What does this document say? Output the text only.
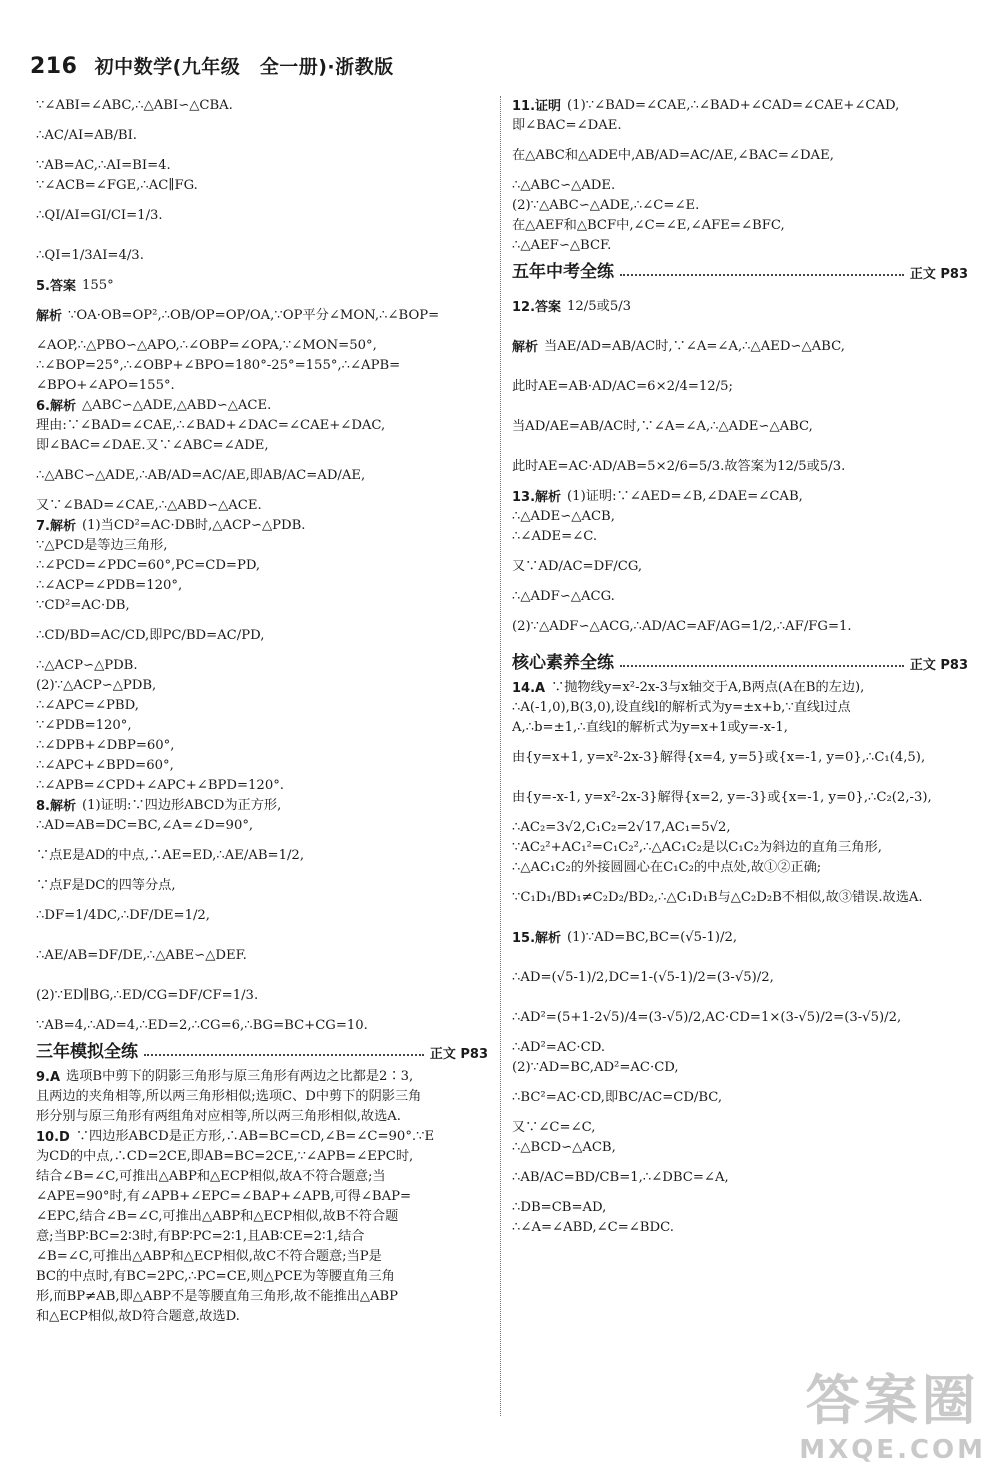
216 初中数学(九年级　全一册)·浙教版
∵∠ABI=∠ABC,∴△ABI∽△CBA.
∴AC/AI=AB/BI.
∵AB=AC,∴AI=BI=4.
∵∠ACB=∠FGE,∴AC∥FG.
∴QI/AI=GI/CI=1/3.
∴QI=1/3AI=4/3.
5.答案 155°
解析 ∵OA·OB=OP²,∴OB/OP=OP/OA,∵OP平分∠MON,∴∠BOP=
∠AOP,∴△PBO∽△APO,∴∠OBP=∠OPA,∵∠MON=50°,
∴∠BOP=25°,∴∠OBP+∠BPO=180°-25°=155°,∴∠APB=
∠BPO+∠APO=155°.
6.解析 △ABC∽△ADE,△ABD∽△ACE.
理由:∵∠BAD=∠CAE,∴∠BAD+∠DAC=∠CAE+∠DAC,
即∠BAC=∠DAE.又∵∠ABC=∠ADE,
∴△ABC∽△ADE,∴AB/AD=AC/AE,即AB/AC=AD/AE,
又∵∠BAD=∠CAE,∴△ABD∽△ACE.
7.解析 (1)当CD²=AC·DB时,△ACP∽△PDB.
∵△PCD是等边三角形,
∴∠PCD=∠PDC=60°,PC=CD=PD,
∴∠ACP=∠PDB=120°,
∵CD²=AC·DB,
∴CD/BD=AC/CD,即PC/BD=AC/PD,
∴△ACP∽△PDB.
(2)∵△ACP∽△PDB,
∴∠APC=∠PBD,
∵∠PDB=120°,
∴∠DPB+∠DBP=60°,
∴∠APC+∠BPD=60°,
∴∠APB=∠CPD+∠APC+∠BPD=120°.
8.解析 (1)证明:∵四边形ABCD为正方形,
∴AD=AB=DC=BC,∠A=∠D=90°,
∵点E是AD的中点,∴AE=ED,∴AE/AB=1/2,
∵点F是DC的四等分点,
∴DF=1/4DC,∴DF/DE=1/2,
∴AE/AB=DF/DE,∴△ABE∽△DEF.
(2)∵ED∥BG,∴ED/CG=DF/CF=1/3.
∵AB=4,∴AD=4,∴ED=2,∴CG=6,∴BG=BC+CG=10.
三年模拟全练	正文 P83
9.A 选项B中剪下的阴影三角形与原三角形有两边之比都是2∶3,
且两边的夹角相等,所以两三角形相似;选项C、D中剪下的阴影三角
形分别与原三角形有两组角对应相等,所以两三角形相似,故选A.
10.D ∵四边形ABCD是正方形,∴AB=BC=CD,∠B=∠C=90°.∵E
为CD的中点,∴CD=2CE,即AB=BC=2CE,∵∠APB=∠EPC时,
结合∠B=∠C,可推出△ABP和△ECP相似,故A不符合题意;当
∠APE=90°时,有∠APB+∠EPC=∠BAP+∠APB,可得∠BAP=
∠EPC,结合∠B=∠C,可推出△ABP和△ECP相似,故B不符合题
意;当BP∶BC=2∶3时,有BP∶PC=2∶1,且AB∶CE=2∶1,结合
∠B=∠C,可推出△ABP和△ECP相似,故C不符合题意;当P是
BC的中点时,有BC=2PC,∴PC=CE,则△PCE为等腰直角三角
形,而BP≠AB,即△ABP不是等腰直角三角形,故不能推出△ABP
和△ECP相似,故D符合题意,故选D.
11.证明 (1)∵∠BAD=∠CAE,∴∠BAD+∠CAD=∠CAE+∠CAD,
即∠BAC=∠DAE.
在△ABC和△ADE中,AB/AD=AC/AE,∠BAC=∠DAE,
∴△ABC∽△ADE.
(2)∵△ABC∽△ADE,∴∠C=∠E.
在△AEF和△BCF中,∠C=∠E,∠AFE=∠BFC,
∴△AEF∽△BCF.
五年中考全练	正文 P83
12.答案 12/5或5/3
解析 当AE/AD=AB/AC时,∵∠A=∠A,∴△AED∽△ABC,
此时AE=AB·AD/AC=6×2/4=12/5;
当AD/AE=AB/AC时,∵∠A=∠A,∴△ADE∽△ABC,
此时AE=AC·AD/AB=5×2/6=5/3.故答案为12/5或5/3.
13.解析 (1)证明:∵∠AED=∠B,∠DAE=∠CAB,
∴△ADE∽△ACB,
∴∠ADE=∠C.
又∵AD/AC=DF/CG,
∴△ADF∽△ACG.
(2)∵△ADF∽△ACG,∴AD/AC=AF/AG=1/2,∴AF/FG=1.
核心素养全练	正文 P83
14.A ∵抛物线y=x²-2x-3与x轴交于A,B两点(A在B的左边),
∴A(-1,0),B(3,0),设直线l的解析式为y=±x+b,∵直线l过点
A,∴b=±1,∴直线l的解析式为y=x+1或y=-x-1,
由{y=x+1, y=x²-2x-3}解得{x=4, y=5}或{x=-1, y=0},∴C₁(4,5),
由{y=-x-1, y=x²-2x-3}解得{x=2, y=-3}或{x=-1, y=0},∴C₂(2,-3),
∴AC₂=3√2,C₁C₂=2√17,AC₁=5√2,
∵AC₂²+AC₁²=C₁C₂²,∴△AC₁C₂是以C₁C₂为斜边的直角三角形,
∴△AC₁C₂的外接圆圆心在C₁C₂的中点处,故①②正确;
∵C₁D₁/BD₁≠C₂D₂/BD₂,∴△C₁D₁B与△C₂D₂B不相似,故③错误.故选A.
15.解析 (1)∵AD=BC,BC=(√5-1)/2,
∴AD=(√5-1)/2,DC=1-(√5-1)/2=(3-√5)/2,
∴AD²=(5+1-2√5)/4=(3-√5)/2,AC·CD=1×(3-√5)/2=(3-√5)/2,
∴AD²=AC·CD.
(2)∵AD=BC,AD²=AC·CD,
∴BC²=AC·CD,即BC/AC=CD/BC,
又∵∠C=∠C,
∴△BCD∽△ACB,
∴AB/AC=BD/CB=1,∴∠DBC=∠A,
∴DB=CB=AD,
∴∠A=∠ABD,∠C=∠BDC.
答案圈
MXQE.COM
